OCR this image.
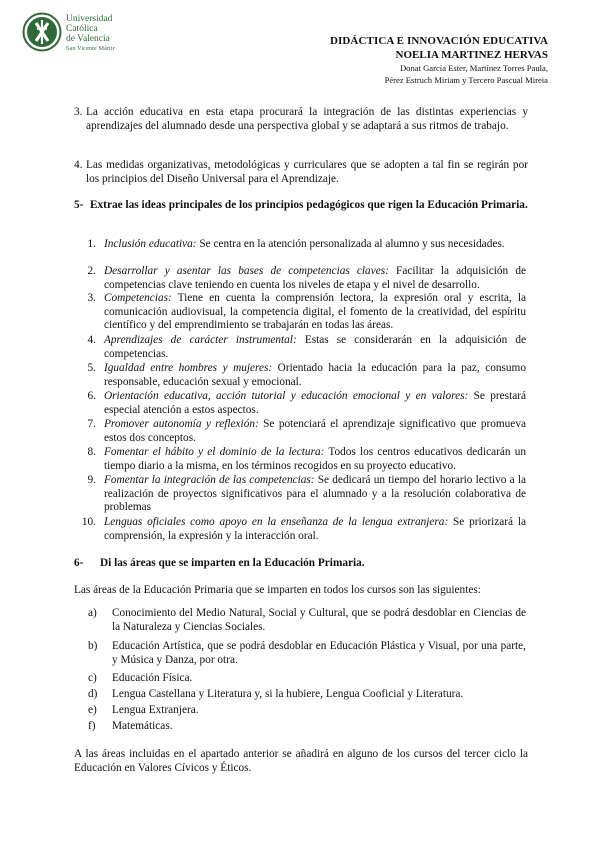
Universidad
Católica
de Valencia
San Vicente Mártir
DIDÁCTICA E INNOVACIÓN EDUCATIVA
NOELIA MARTINEZ HERVAS
Donat García Ester, Martínez Torres Paula,
Pérez Estruch Miriam y Tercero Pascual Mireia
3. La acción educativa en esta etapa procurará la integración de las distintas experiencias y aprendizajes del alumnado desde una perspectiva global y se adaptará a sus ritmos de trabajo.
4. Las medidas organizativas, metodológicas y curriculares que se adopten a tal fin se regirán por los principios del Diseño Universal para el Aprendizaje.
5- Extrae las ideas principales de los principios pedagógicos que rigen la Educación Primaria.
1. Inclusión educativa: Se centra en la atención personalizada al alumno y sus necesidades.
2. Desarrollar y asentar las bases de competencias claves: Facilitar la adquisición de competencias clave teniendo en cuenta los niveles de etapa y el nivel de desarrollo.
3. Competencias: Tiene en cuenta la comprensión lectora, la expresión oral y escrita, la comunicación audiovisual, la competencia digital, el fomento de la creatividad, del espíritu científico y del emprendimiento se trabajarán en todas las áreas.
4. Aprendizajes de carácter instrumental: Estas se considerarán en la adquisición de competencias.
5. Igualdad entre hombres y mujeres: Orientado hacia la educación para la paz, consumo responsable, educación sexual y emocional.
6. Orientación educativa, acción tutorial y educación emocional y en valores: Se prestará especial atención a estos aspectos.
7. Promover autonomía y reflexión: Se potenciará el aprendizaje significativo que promueva estos dos conceptos.
8. Fomentar el hábito y el dominio de la lectura: Todos los centros educativos dedicarán un tiempo diario a la misma, en los términos recogidos en su proyecto educativo.
9. Fomentar la integración de las competencias: Se dedicará un tiempo del horario lectivo a la realización de proyectos significativos para el alumnado y a la resolución colaborativa de problemas
10. Lenguas oficiales como apoyo en la enseñanza de la lengua extranjera: Se priorizará la comprensión, la expresión y la interacción oral.
6- Di las áreas que se imparten en la Educación Primaria.
Las áreas de la Educación Primaria que se imparten en todos los cursos son las siguientes:
a) Conocimiento del Medio Natural, Social y Cultural, que se podrá desdoblar en Ciencias de la Naturaleza y Ciencias Sociales.
b) Educación Artística, que se podrá desdoblar en Educación Plástica y Visual, por una parte, y Música y Danza, por otra.
c) Educación Física.
d) Lengua Castellana y Literatura y, si la hubiere, Lengua Cooficial y Literatura.
e) Lengua Extranjera.
f) Matemáticas.
A las áreas incluidas en el apartado anterior se añadirá en alguno de los cursos del tercer ciclo la Educación en Valores Cívicos y Éticos.
